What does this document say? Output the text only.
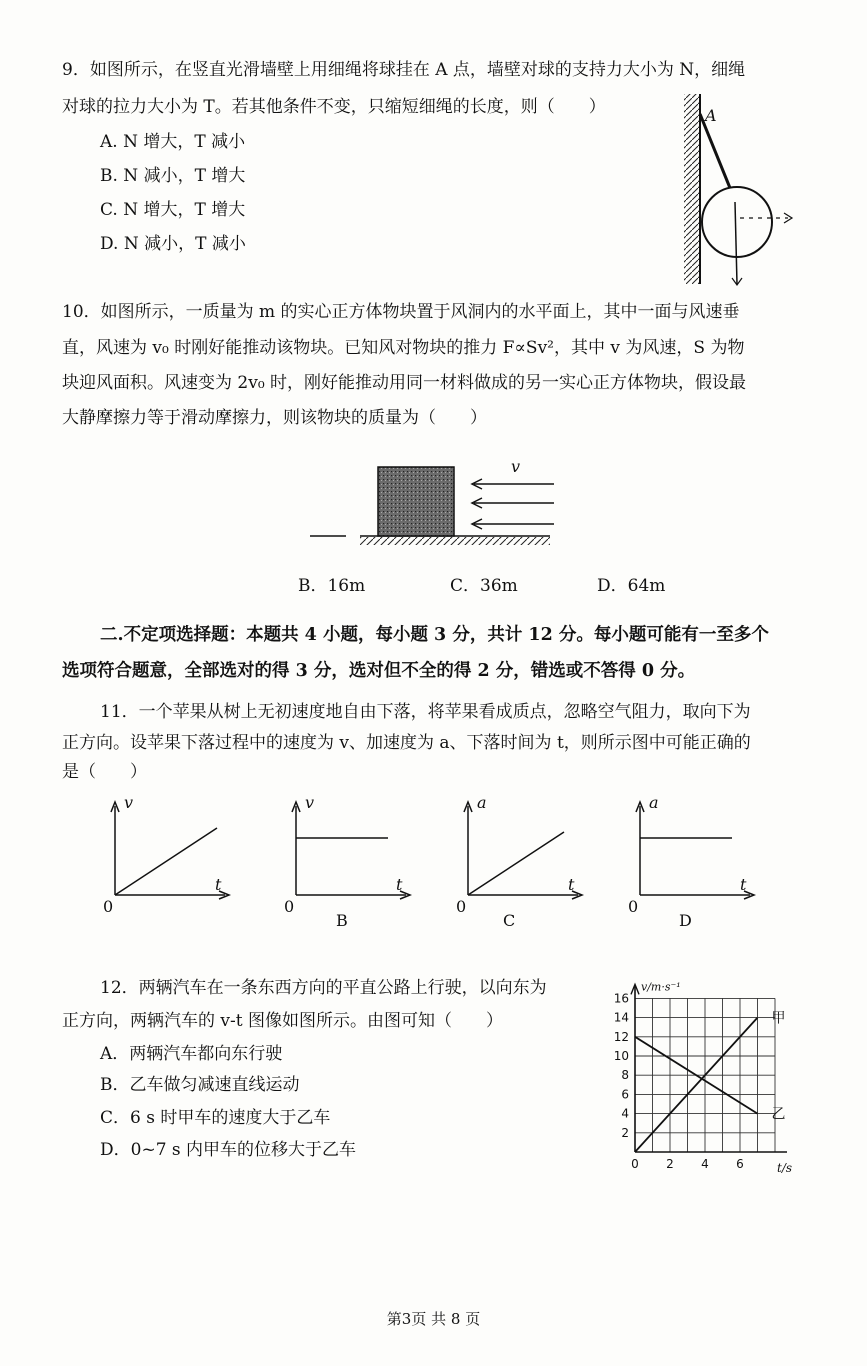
9．如图所示，在竖直光滑墙壁上用细绳将球挂在 A 点，墙壁对球的支持力大小为 N，细绳
对球的拉力大小为 T。若其他条件不变，只缩短细绳的长度，则（　　）
A. N 增大，T 减小
B. N 减小，T 增大
C. N 增大，T 增大
D. N 减小，T 减小
A
10．如图所示，一质量为 m 的实心正方体物块置于风洞内的水平面上，其中一面与风速垂
直，风速为 v₀ 时刚好能推动该物块。已知风对物块的推力 F∝Sv²，其中 v 为风速，S 为物
块迎风面积。风速变为 2v₀ 时，刚好能推动用同一材料做成的另一实心正方体物块，假设最
大静摩擦力等于滑动摩擦力，则该物块的质量为（　　）
v
B．16m	C．36m	D．64m
二.不定项选择题：本题共 4 小题，每小题 3 分，共计 12 分。每小题可能有一至多个
选项符合题意，全部选对的得 3 分，选对但不全的得 2 分，错选或不答得 0 分。
11．一个苹果从树上无初速度地自由下落，将苹果看成质点，忽略空气阻力，取向下为
正方向。设苹果下落过程中的速度为 v、加速度为 a、下落时间为 t，则所示图中可能正确的
是（　　）
v
t
0
v
t
0
B
a
t
0
C
a
t
0
D
12．两辆汽车在一条东西方向的平直公路上行驶，以向东为
正方向，两辆汽车的 v-t 图像如图所示。由图可知（　　）
A．两辆汽车都向东行驶
B．乙车做匀减速直线运动
C．6 s 时甲车的速度大于乙车
D．0~7 s 内甲车的位移大于乙车
2
4
6
8
10
12
14
16
0 2 4 6
v/m·s⁻¹
t/s
甲
乙
第3页 共 8 页
